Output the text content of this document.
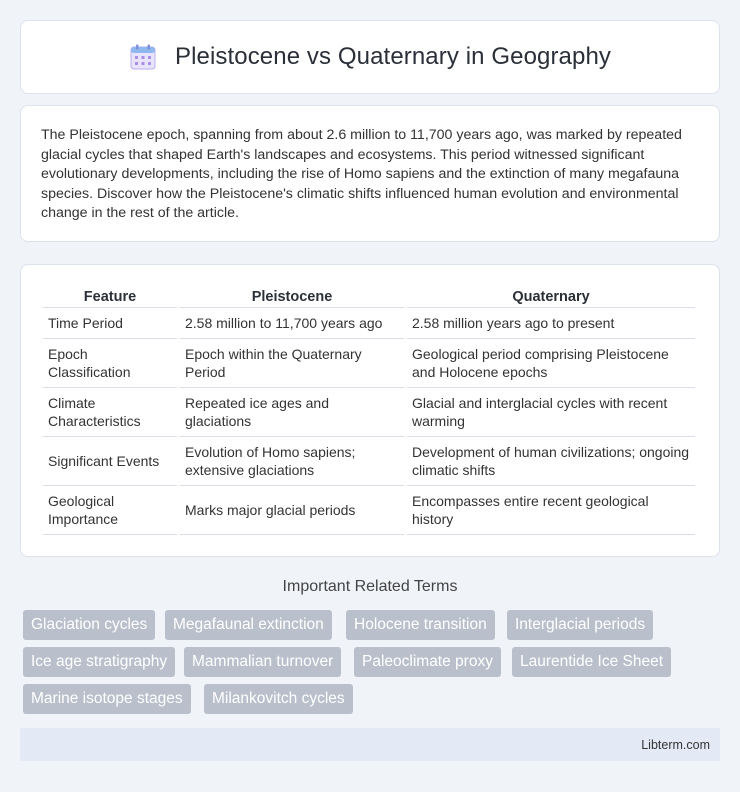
Pleistocene vs Quaternary in Geography

The Pleistocene epoch, spanning from about 2.6 million to 11,700 years ago, was marked by repeated glacial cycles that shaped Earth's landscapes and ecosystems. This period witnessed significant evolutionary developments, including the rise of Homo sapiens and the extinction of many megafauna species. Discover how the Pleistocene's climatic shifts influenced human evolution and environmental change in the rest of the article.

Feature	Pleistocene	Quaternary
Time Period	2.58 million to 11,700 years ago	2.58 million years ago to present
Epoch Classification	Epoch within the Quaternary Period	Geological period comprising Pleistocene and Holocene epochs
Climate Characteristics	Repeated ice ages and glaciations	Glacial and interglacial cycles with recent warming
Significant Events	Evolution of Homo sapiens; extensive glaciations	Development of human civilizations; ongoing climatic shifts
Geological Importance	Marks major glacial periods	Encompasses entire recent geological history
Important Related Terms
Glaciation cycles	Megafaunal extinction	Holocene transition	Interglacial periods
Ice age stratigraphy	Mammalian turnover	Paleoclimate proxy	Laurentide Ice Sheet
Marine isotope stages	Milankovitch cycles
Libterm.com
